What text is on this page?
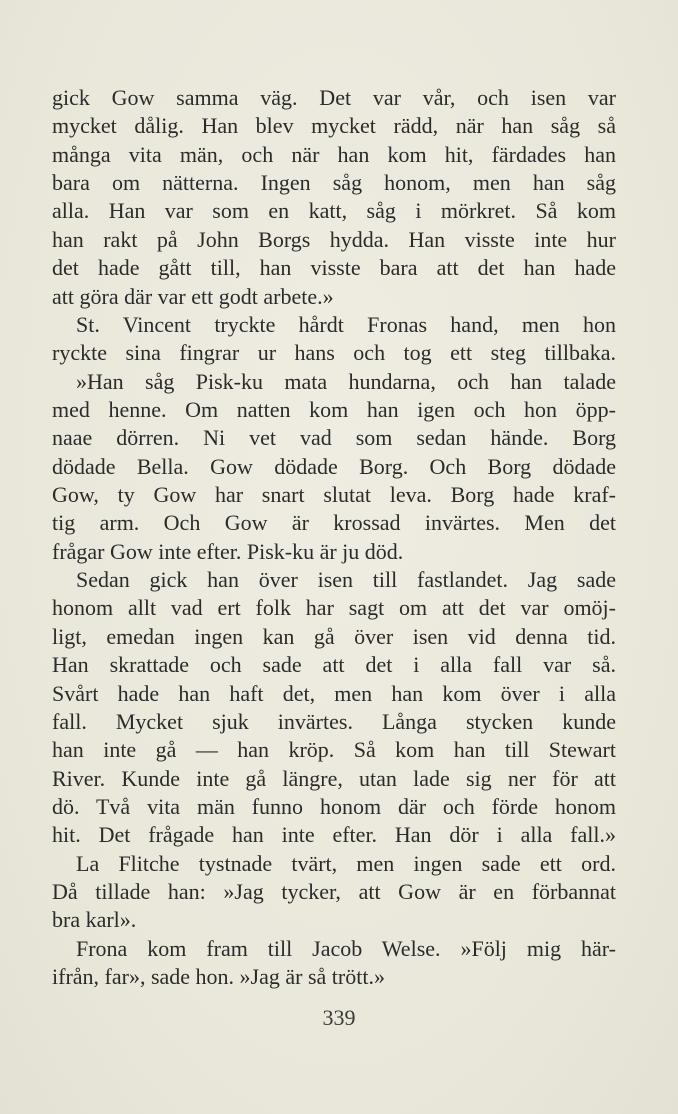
gick Gow samma väg. Det var vår, och isen var
mycket dålig. Han blev mycket rädd, när han såg så
många vita män, och när han kom hit, färdades han
bara om nätterna. Ingen såg honom, men han såg
alla. Han var som en katt, såg i mörkret. Så kom
han rakt på John Borgs hydda. Han visste inte hur
det hade gått till, han visste bara att det han hade
att göra där var ett godt arbete.»
St. Vincent tryckte hårdt Fronas hand, men hon
ryckte sina fingrar ur hans och tog ett steg tillbaka.
»Han såg Pisk-ku mata hundarna, och han talade
med henne. Om natten kom han igen och hon öpp-
naae dörren. Ni vet vad som sedan hände. Borg
dödade Bella. Gow dödade Borg. Och Borg dödade
Gow, ty Gow har snart slutat leva. Borg hade kraf-
tig arm. Och Gow är krossad invärtes. Men det
frågar Gow inte efter. Pisk-ku är ju död.
Sedan gick han över isen till fastlandet. Jag sade
honom allt vad ert folk har sagt om att det var omöj-
ligt, emedan ingen kan gå över isen vid denna tid.
Han skrattade och sade att det i alla fall var så.
Svårt hade han haft det, men han kom över i alla
fall. Mycket sjuk invärtes. Långa stycken kunde
han inte gå — han kröp. Så kom han till Stewart
River. Kunde inte gå längre, utan lade sig ner för att
dö. Två vita män funno honom där och förde honom
hit. Det frågade han inte efter. Han dör i alla fall.»
La Flitche tystnade tvärt, men ingen sade ett ord.
Då tillade han: »Jag tycker, att Gow är en förbannat
bra karl».
Frona kom fram till Jacob Welse. »Följ mig här-
ifrån, far», sade hon. »Jag är så trött.»
339
